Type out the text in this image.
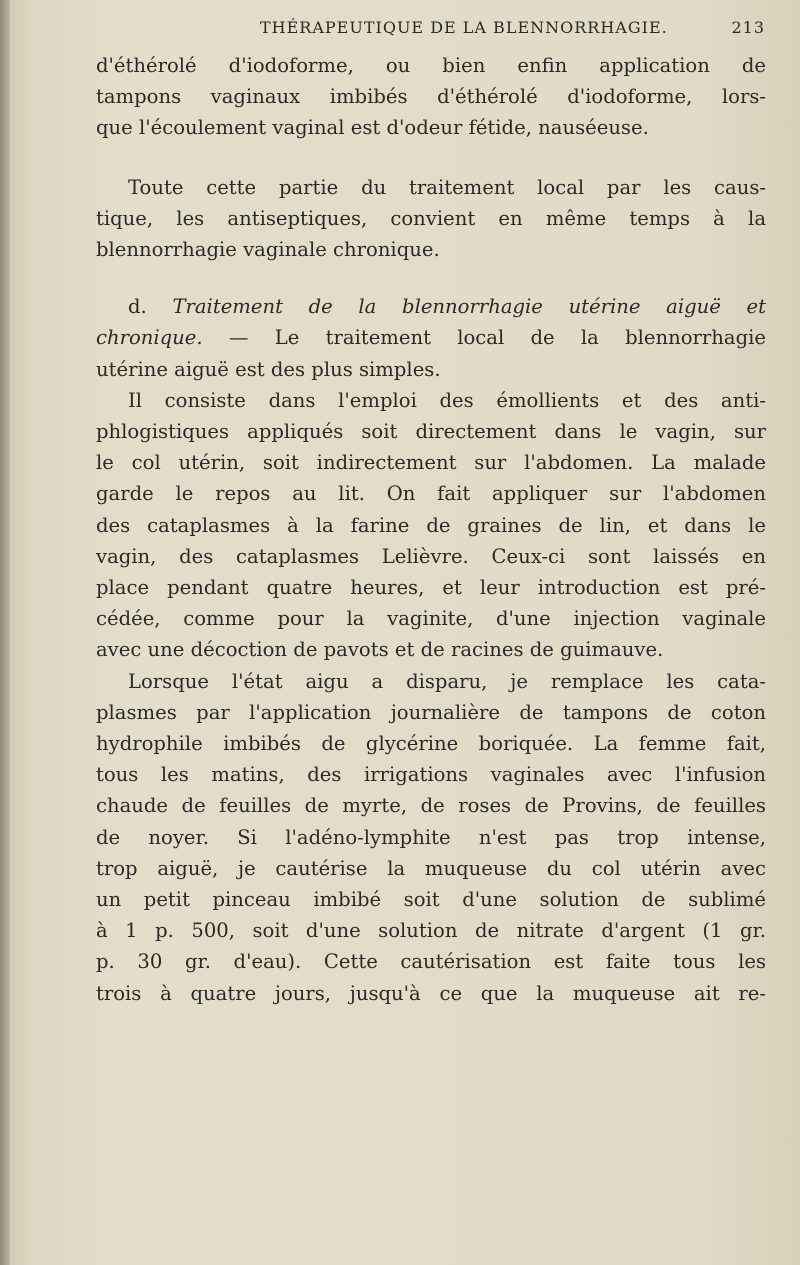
THÉRAPEUTIQUE DE LA BLENNORRHAGIE.	213
d'éthérolé d'iodoforme, ou bien enfin application de
tampons vaginaux imbibés d'éthérolé d'iodoforme, lors-
que l'écoulement vaginal est d'odeur fétide, nauséeuse.
Toute cette partie du traitement local par les caus-
tique, les antiseptiques, convient en même temps à la
blennorrhagie vaginale chronique.
d. Traitement de la blennorrhagie utérine aiguë et
chronique. — Le traitement local de la blennorrhagie
utérine aiguë est des plus simples.
Il consiste dans l'emploi des émollients et des anti-
phlogistiques appliqués soit directement dans le vagin, sur
le col utérin, soit indirectement sur l'abdomen. La malade
garde le repos au lit. On fait appliquer sur l'abdomen
des cataplasmes à la farine de graines de lin, et dans le
vagin, des cataplasmes Lelièvre. Ceux-ci sont laissés en
place pendant quatre heures, et leur introduction est pré-
cédée, comme pour la vaginite, d'une injection vaginale
avec une décoction de pavots et de racines de guimauve.
Lorsque l'état aigu a disparu, je remplace les cata-
plasmes par l'application journalière de tampons de coton
hydrophile imbibés de glycérine boriquée. La femme fait,
tous les matins, des irrigations vaginales avec l'infusion
chaude de feuilles de myrte, de roses de Provins, de feuilles
de noyer. Si l'adéno-lymphite n'est pas trop intense,
trop aiguë, je cautérise la muqueuse du col utérin avec
un petit pinceau imbibé soit d'une solution de sublimé
à 1 p. 500, soit d'une solution de nitrate d'argent (1 gr.
p. 30 gr. d'eau). Cette cautérisation est faite tous les
trois à quatre jours, jusqu'à ce que la muqueuse ait re-
